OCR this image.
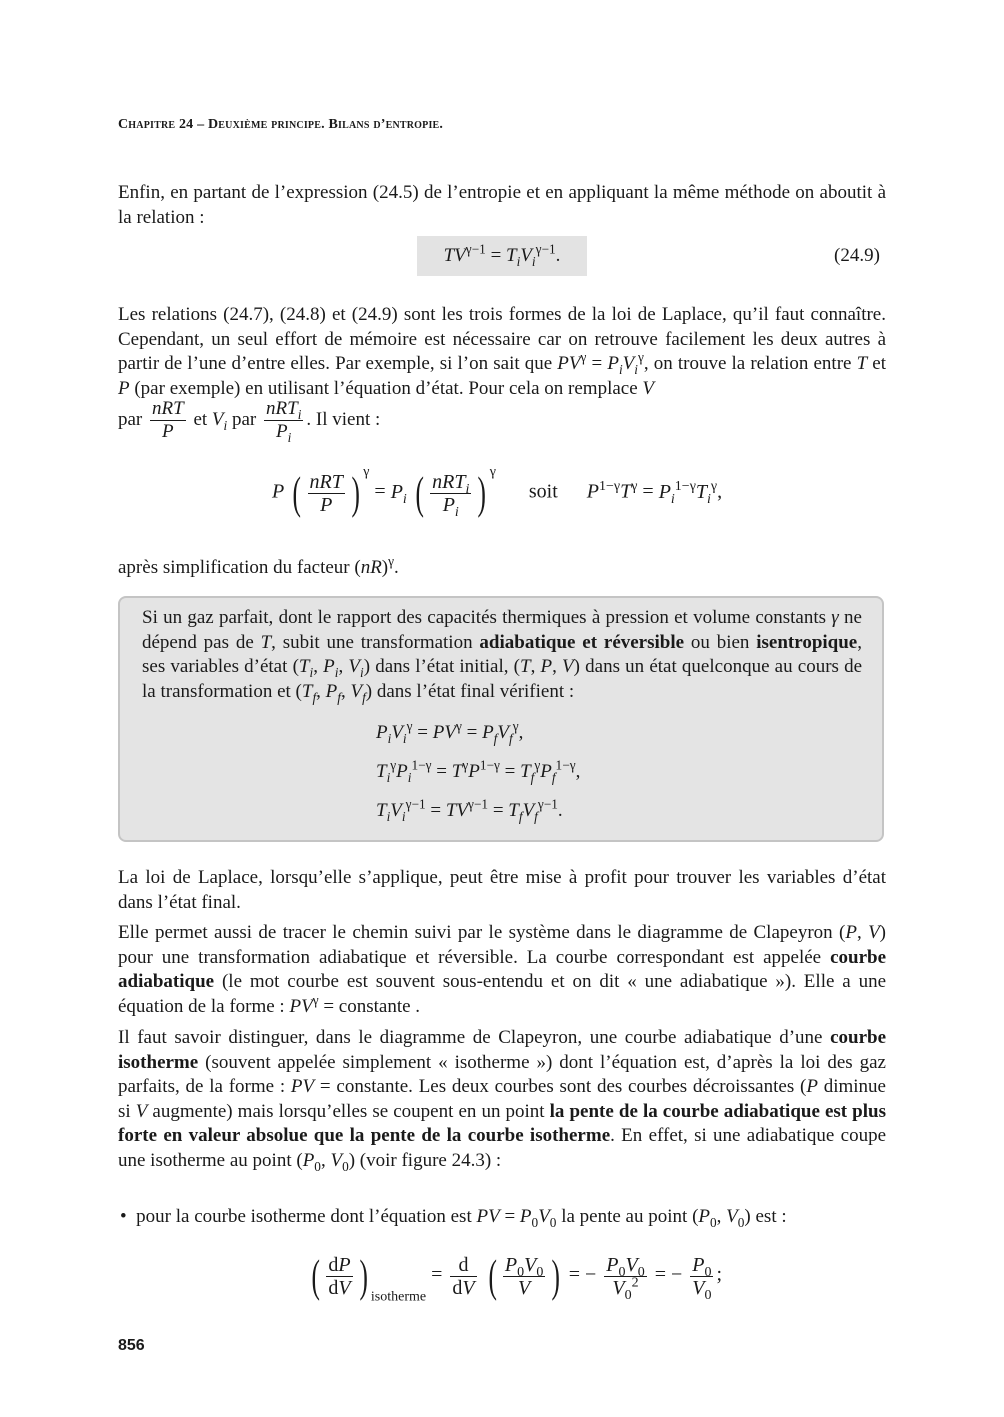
Chapitre 24 – Deuxième principe. Bilans d’entropie.
Enfin, en partant de l’expression (24.5) de l’entropie et en appliquant la même méthode on aboutit à la relation :
$TV^{\gamma-1} = T_iV_i^{\gamma-1}$.	(24.9)
Les relations (24.7), (24.8) et (24.9) sont les trois formes de la loi de Laplace, qu’il faut connaître. Cependant, un seul effort de mémoire est nécessaire car on retrouve facilement les deux autres à partir de l’une d’entre elles. Par exemple, si l’on sait que $PV^\gamma = P_iV_i^\gamma$, on trouve la relation entre T et P (par exemple) en utilisant l’équation d’état. Pour cela on remplace V
par $\frac{\text{nRT}}{P}$ et $V_i$ par $\frac{nRT_i}{P_i}$ . Il vient :
P ( $\frac{\text{nRT}}{P}$ ) $^\gamma = P_i$ ( $\frac{nRT_i}{P_i}$ ) $^\gamma$ soit $P^{1-\gamma}T^\gamma = P_i^{1-\gamma}T_i^\gamma$,
après simplification du facteur (nR)$^\gamma$.
Si un gaz parfait, dont le rapport des capacités thermiques à pression et volume constants γ ne dépend pas de T, subit une transformation adiabatique et réversible ou bien isentropique, ses variables d’état ($T_i$, $P_i$, $V_i$) dans l’état initial, (T, P, V) dans un état quelconque au cours de la transformation et ($T_f$, $P_f$, $V_f$) dans l’état final vérifient :
$P_iV_i^\gamma = PV^\gamma = P_fV_f^\gamma$,
$T_i^\gamma P_i^{1-\gamma} = T^\gamma P^{1-\gamma} = T_f^\gamma P_f^{1-\gamma}$,
$T_iV_i^{\gamma-1} = TV^{\gamma-1} = T_fV_f^{\gamma-1}$.
La loi de Laplace, lorsqu’elle s’applique, peut être mise à profit pour trouver les variables d’état dans l’état final.
Elle permet aussi de tracer le chemin suivi par le système dans le diagramme de Clapeyron (P, V) pour une transformation adiabatique et réversible. La courbe correspondant est appelée courbe adiabatique (le mot courbe est souvent sous-entendu et on dit « une adiabatique »). Elle a une équation de la forme : $PV^\gamma$ = constante .
Il faut savoir distinguer, dans le diagramme de Clapeyron, une courbe adiabatique d’une courbe isotherme (souvent appelée simplement « isotherme ») dont l’équation est, d’après la loi des gaz parfaits, de la forme : PV = constante. Les deux courbes sont des courbes décroissantes (P diminue si V augmente) mais lorsqu’elles se coupent en un point la pente de la courbe adiabatique est plus forte en valeur absolue que la pente de la courbe isotherme. En effet, si une adiabatique coupe une isotherme au point ($P_0$, $V_0$) (voir figure 24.3) :
• pour la courbe isotherme dont l’équation est PV = $P_0V_0$ la pente au point ($P_0$, $V_0$) est :
( $\frac{dP}{dV}$ ) $_{isotherme} = \frac{d}{dV}$ ( $\frac{P_0V_0}{V}$ ) = − $\frac{P_0V_0}{V_0^2}$ = − $\frac{P_0}{V_0}$ ;
856
